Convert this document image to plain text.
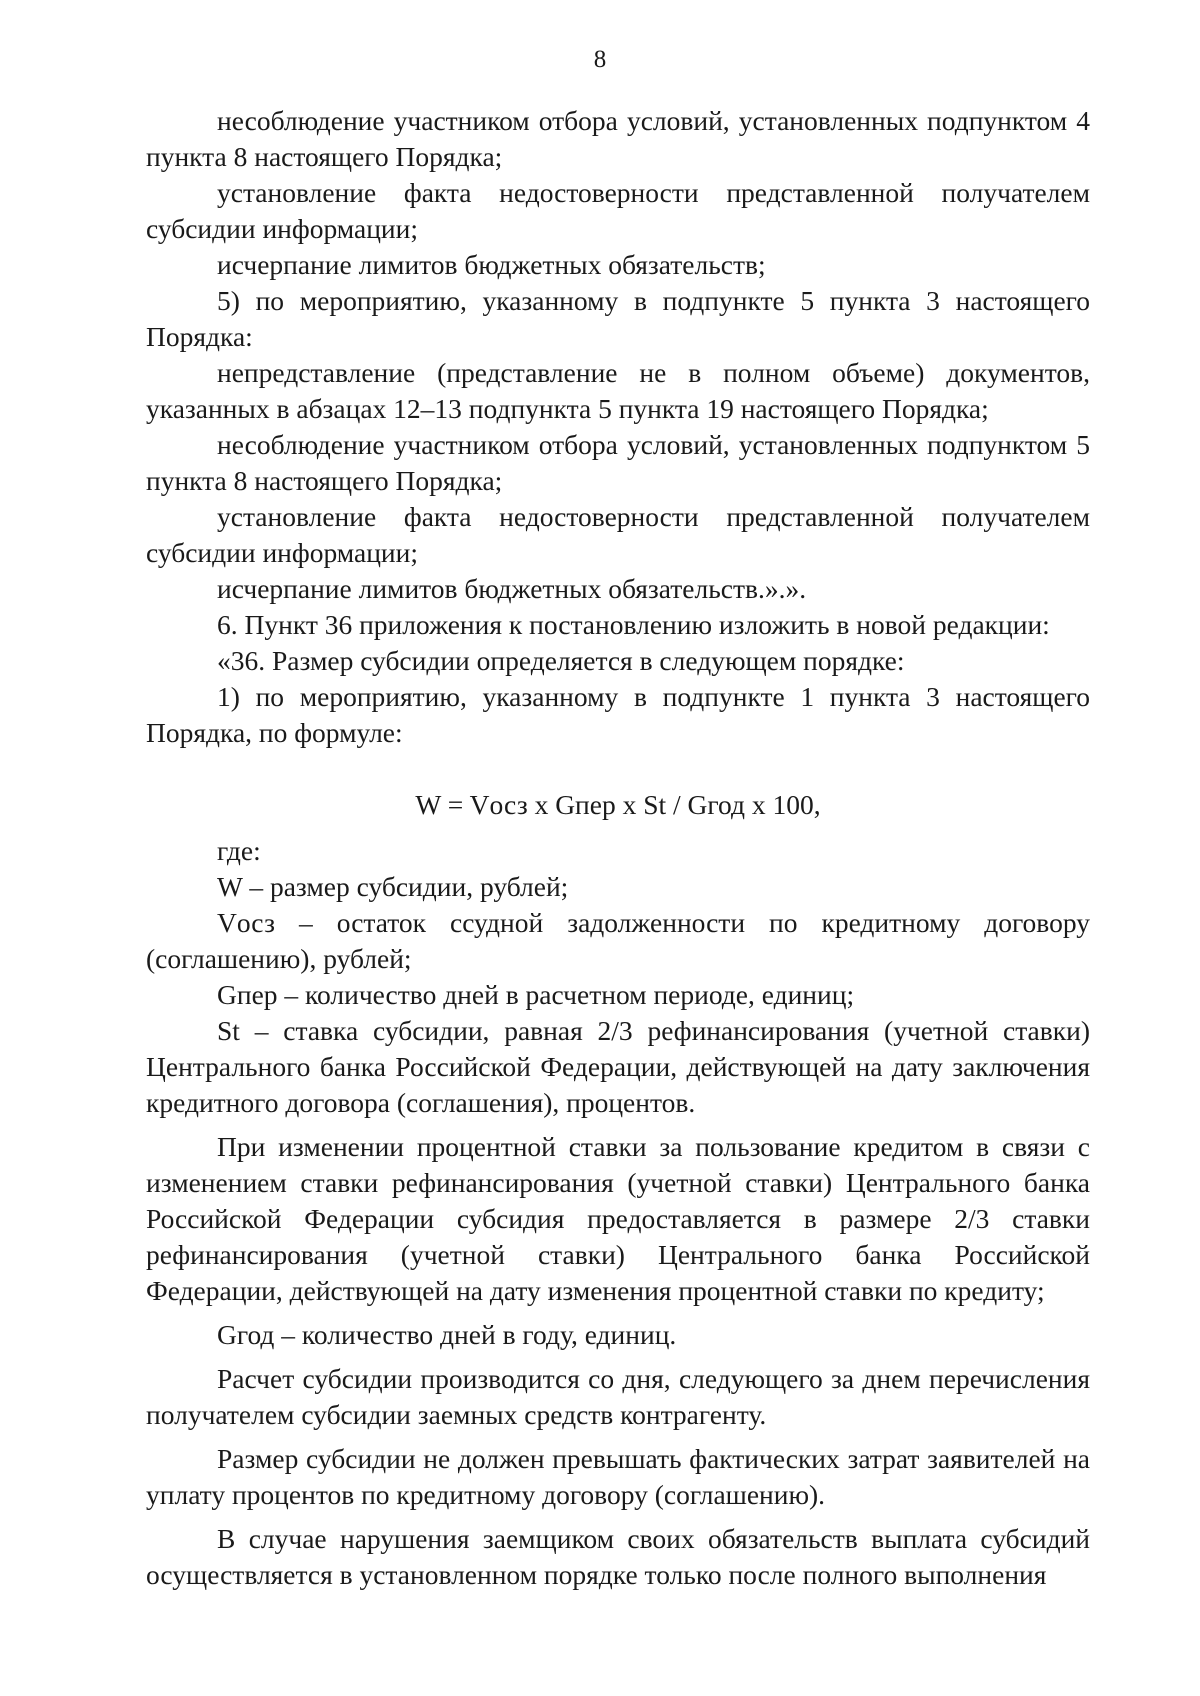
8

несоблюдение участником отбора условий, установленных подпунктом 4 пункта 8 настоящего Порядка;

установление факта недостоверности представленной получателем субсидии информации;

исчерпание лимитов бюджетных обязательств;

5) по мероприятию, указанному в подпункте 5 пункта 3 настоящего Порядка:

непредставление (представление не в полном объеме) документов, указанных в абзацах 12–13 подпункта 5 пункта 19 настоящего Порядка;

несоблюдение участником отбора условий, установленных подпунктом 5 пункта 8 настоящего Порядка;

установление факта недостоверности представленной получателем субсидии информации;

исчерпание лимитов бюджетных обязательств.».».

6. Пункт 36 приложения к постановлению изложить в новой редакции:

«36. Размер субсидии определяется в следующем порядке:

1) по мероприятию, указанному в подпункте 1 пункта 3 настоящего Порядка, по формуле:

W = Vосз x Gпер x St / Gгод x 100,

где:

W – размер субсидии, рублей;

Vосз – остаток ссудной задолженности по кредитному договору (соглашению), рублей;

Gпер – количество дней в расчетном периоде, единиц;

St – ставка субсидии, равная 2/3 рефинансирования (учетной ставки) Центрального банка Российской Федерации, действующей на дату заключения кредитного договора (соглашения), процентов.

При изменении процентной ставки за пользование кредитом в связи с изменением ставки рефинансирования (учетной ставки) Центрального банка Российской Федерации субсидия предоставляется в размере 2/3 ставки рефинансирования (учетной ставки) Центрального банка Российской Федерации, действующей на дату изменения процентной ставки по кредиту;

Gгод – количество дней в году, единиц.

Расчет субсидии производится со дня, следующего за днем перечисления получателем субсидии заемных средств контрагенту.

Размер субсидии не должен превышать фактических затрат заявителей на уплату процентов по кредитному договору (соглашению).

В случае нарушения заемщиком своих обязательств выплата субсидий осуществляется в установленном порядке только после полного выполнения
